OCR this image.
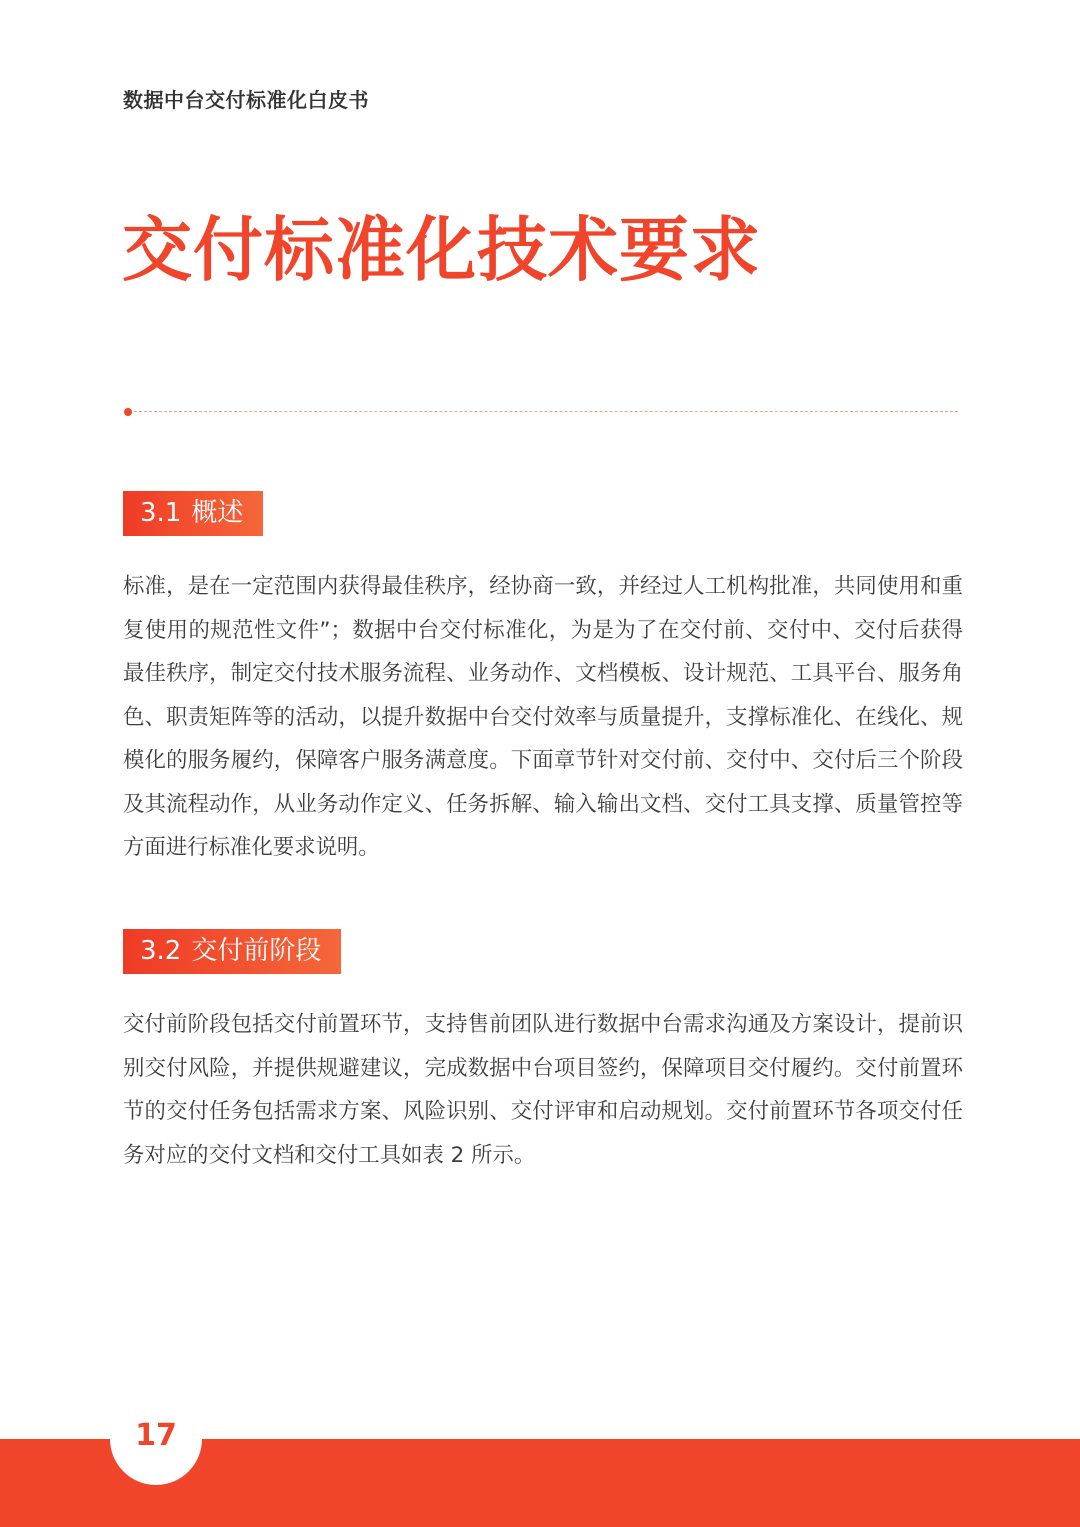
数据中台交付标准化白皮书
交付标准化技术要求
3.1 概述

标准，是在一定范围内获得最佳秩序，经协商一致，并经过人工机构批准，共同使用和重复使用的规范性文件”；数据中台交付标准化，为是为了在交付前、交付中、交付后获得最佳秩序，制定交付技术服务流程、业务动作、文档模板、设计规范、工具平台、服务角色、职责矩阵等的活动，以提升数据中台交付效率与质量提升，支撑标准化、在线化、规模化的服务履约，保障客户服务满意度。下面章节针对交付前、交付中、交付后三个阶段及其流程动作，从业务动作定义、任务拆解、输入输出文档、交付工具支撑、质量管控等方面进行标准化要求说明。

3.2 交付前阶段

交付前阶段包括交付前置环节，支持售前团队进行数据中台需求沟通及方案设计，提前识别交付风险，并提供规避建议，完成数据中台项目签约，保障项目交付履约。交付前置环节的交付任务包括需求方案、风险识别、交付评审和启动规划。交付前置环节各项交付任务对应的交付文档和交付工具如表 2 所示。

17
